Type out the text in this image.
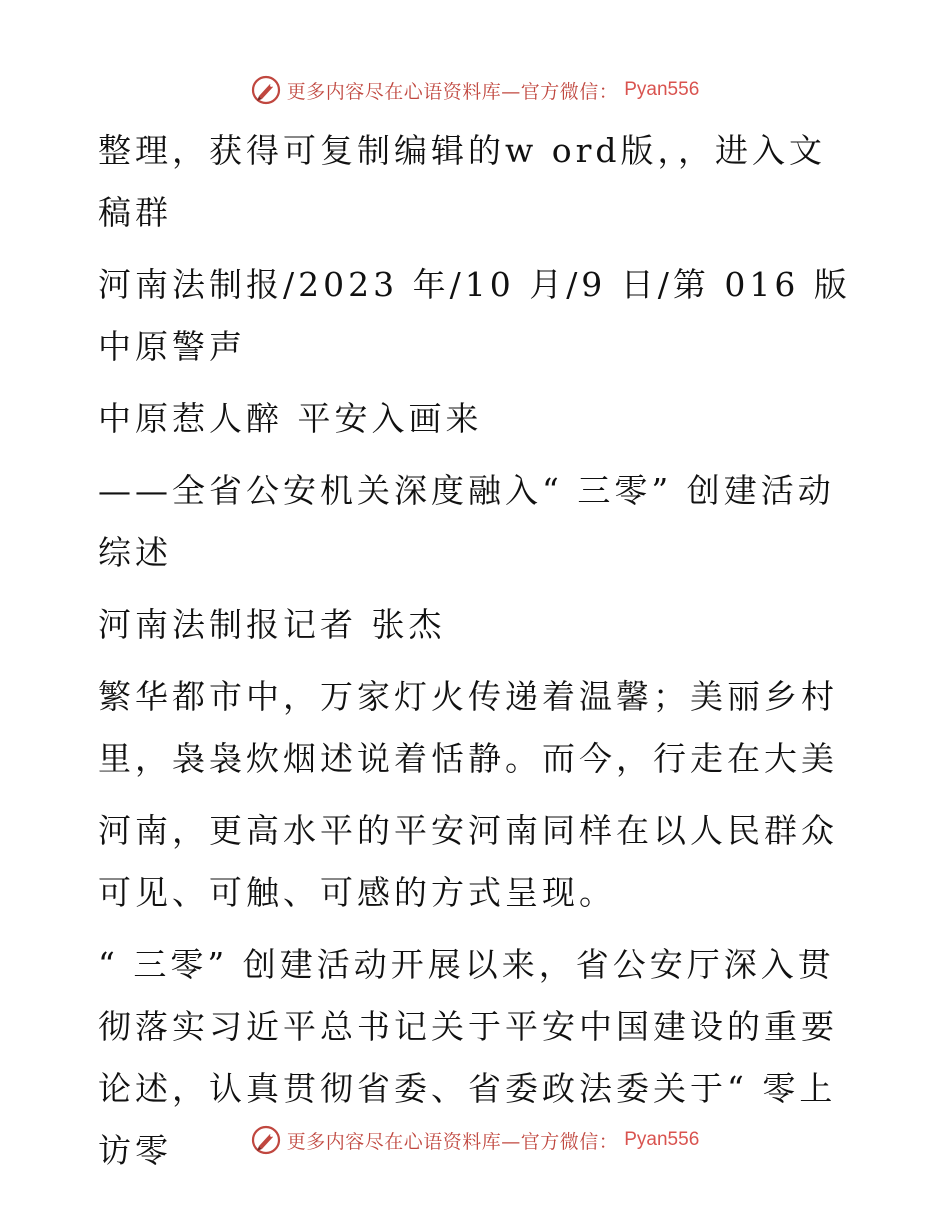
更多内容尽在心语资料库—官方微信： Pyan556

整理，获得可复制编辑的w ord版，，进入文稿群

河南法制报/2023 年/10 月/9 日/第 016 版中原警声

中原惹人醉 平安入画来

——全省公安机关深度融入“ 三零” 创建活动综述

河南法制报记者 张杰

繁华都市中，万家灯火传递着温馨；美丽乡村里，袅袅炊烟述说着恬静。而今，行走在大美

河南，更高水平的平安河南同样在以人民群众可见、可触、可感的方式呈现。

“ 三零” 创建活动开展以来，省公安厅深入贯彻落实习近平总书记关于平安中国建设的重要论述，认真贯彻省委、省委政法委关于“ 零上访零	更多内容尽在心语资料库—官方微信： Pyan556
